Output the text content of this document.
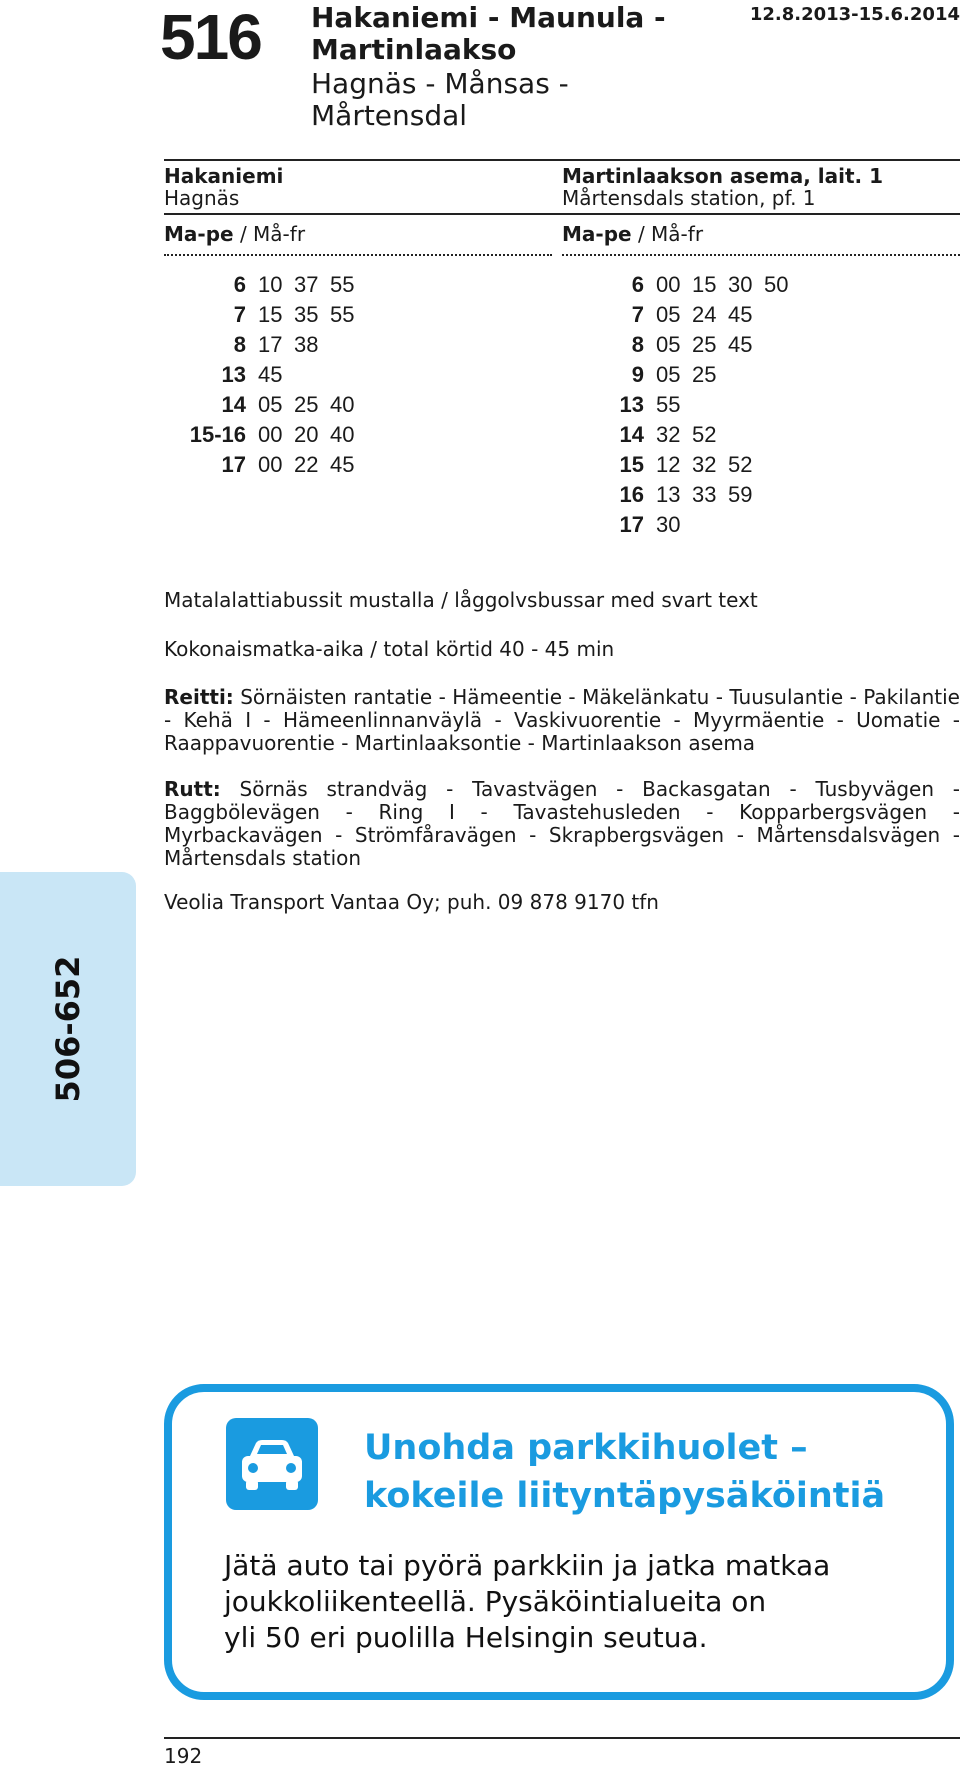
516 Hakaniemi - Maunula - Martinlaakso
Hagnäs - Månsas - Mårtensdal
12.8.2013-15.6.2014
Hakaniemi
Hagnäs
Martinlaakson asema, lait. 1
Mårtensdals station, pf. 1
Ma-pe / Må-fr	Ma-pe / Må-fr
6 10 37 55
7 15 35 55
8 17 38
13 45
14 05 25 40
15-16 00 20 40
17 00 22 45
6 00 15 30 50
7 05 24 45
8 05 25 45
9 05 25
13 55
14 32 52
15 12 32 52
16 13 33 59
17 30
Matalalattiabussit mustalla / låggolvsbussar med svart text
Kokonaismatka-aika / total körtid 40 - 45 min
Reitti: Sörnäisten rantatie - Hämeentie - Mäkelänkatu - Tuusulantie - Pakilantie - Kehä I - Hämeenlinnanväylä - Vaskivuorentie - Myyrmäentie - Uomatie - Raappavuorentie - Martinlaaksontie - Martinlaakson asema
Rutt: Sörnäs strandväg - Tavastvägen - Backasgatan - Tusbyvägen - Baggbölevägen - Ring I - Tavastehusleden - Kopparbergsvägen - Myrbackavägen - Strömfåravägen - Skrapbergsvägen - Mårtensdalsvägen - Mårtensdals station
Veolia Transport Vantaa Oy; puh. 09 878 9170 tfn
506-652
Unohda parkkihuolet –
kokeile liityntäpysäköintiä
Jätä auto tai pyörä parkkiin ja jatka matkaa
joukkoliikenteellä. Pysäköintialueita on
yli 50 eri puolilla Helsingin seutua.
192
